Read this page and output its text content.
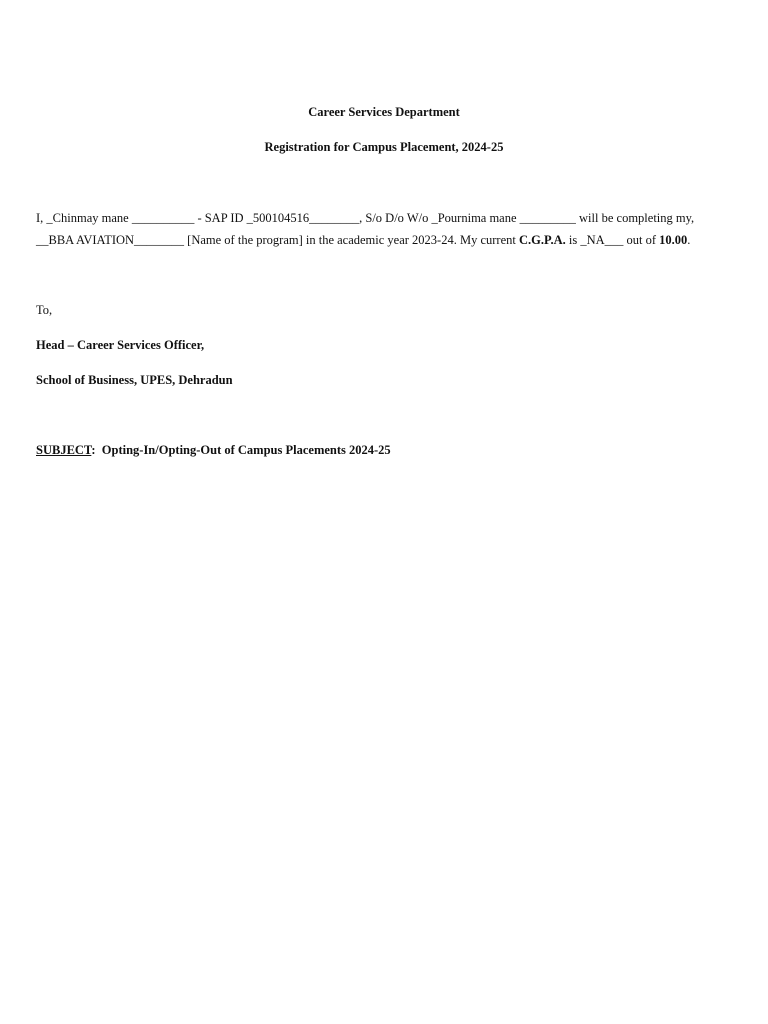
Career Services Department
Registration for Campus Placement, 2024-25
I, _Chinmay mane __________ - SAP ID _500104516________, S/o D/o W/o _Pournima mane _________ will be completing my,
__BBA AVIATION________ [Name of the program] in the academic year 2023-24. My current C.G.P.A. is _NA___ out of 10.00.
To,
Head – Career Services Officer,
School of Business, UPES, Dehradun
SUBJECT:  Opting-In/Opting-Out of Campus Placements 2024-25
